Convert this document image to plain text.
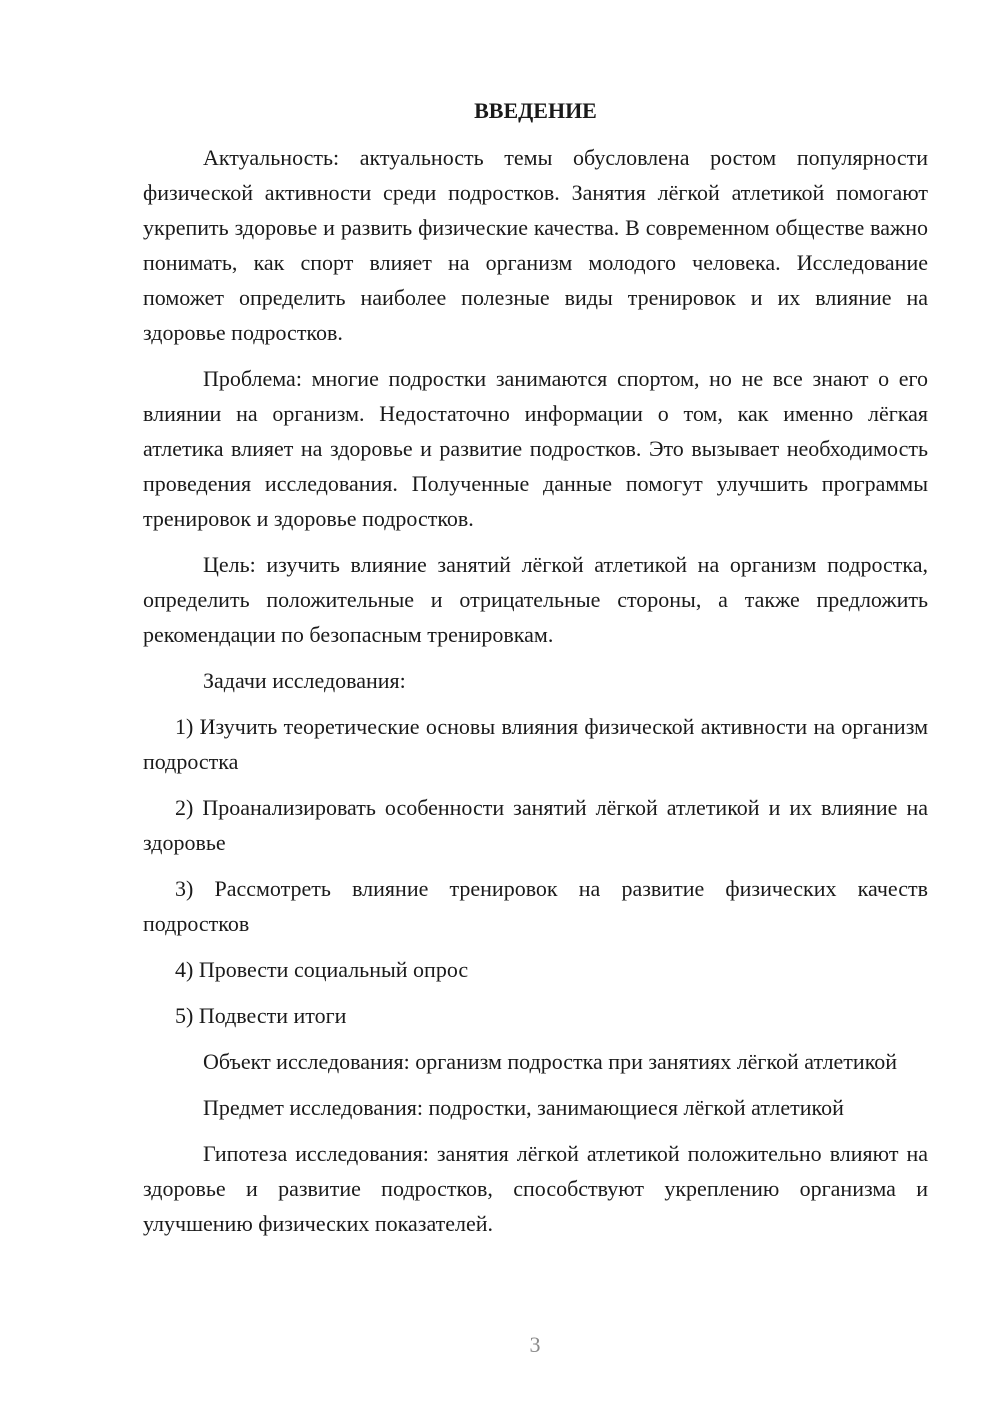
ВВЕДЕНИЕ

Актуальность: актуальность темы обусловлена ростом популярности физической активности среди подростков. Занятия лёгкой атлетикой помогают укрепить здоровье и развить физические качества. В современном обществе важно понимать, как спорт влияет на организм молодого человека. Исследование поможет определить наиболее полезные виды тренировок и их влияние на здоровье подростков.

Проблема: многие подростки занимаются спортом, но не все знают о его влиянии на организм. Недостаточно информации о том, как именно лёгкая атлетика влияет на здоровье и развитие подростков. Это вызывает необходимость проведения исследования. Полученные данные помогут улучшить программы тренировок и здоровье подростков.

Цель: изучить влияние занятий лёгкой атлетикой на организм подростка, определить положительные и отрицательные стороны, а также предложить рекомендации по безопасным тренировкам.

Задачи исследования:

1) Изучить теоретические основы влияния физической активности на организм подростка

2) Проанализировать особенности занятий лёгкой атлетикой и их влияние на здоровье

3) Рассмотреть влияние тренировок на развитие физических качеств подростков

4) Провести социальный опрос

5) Подвести итоги

Объект исследования: организм подростка при занятиях лёгкой атлетикой

Предмет исследования: подростки, занимающиеся лёгкой атлетикой

Гипотеза исследования: занятия лёгкой атлетикой положительно влияют на здоровье и развитие подростков, способствуют укреплению организма и улучшению физических показателей.

3
